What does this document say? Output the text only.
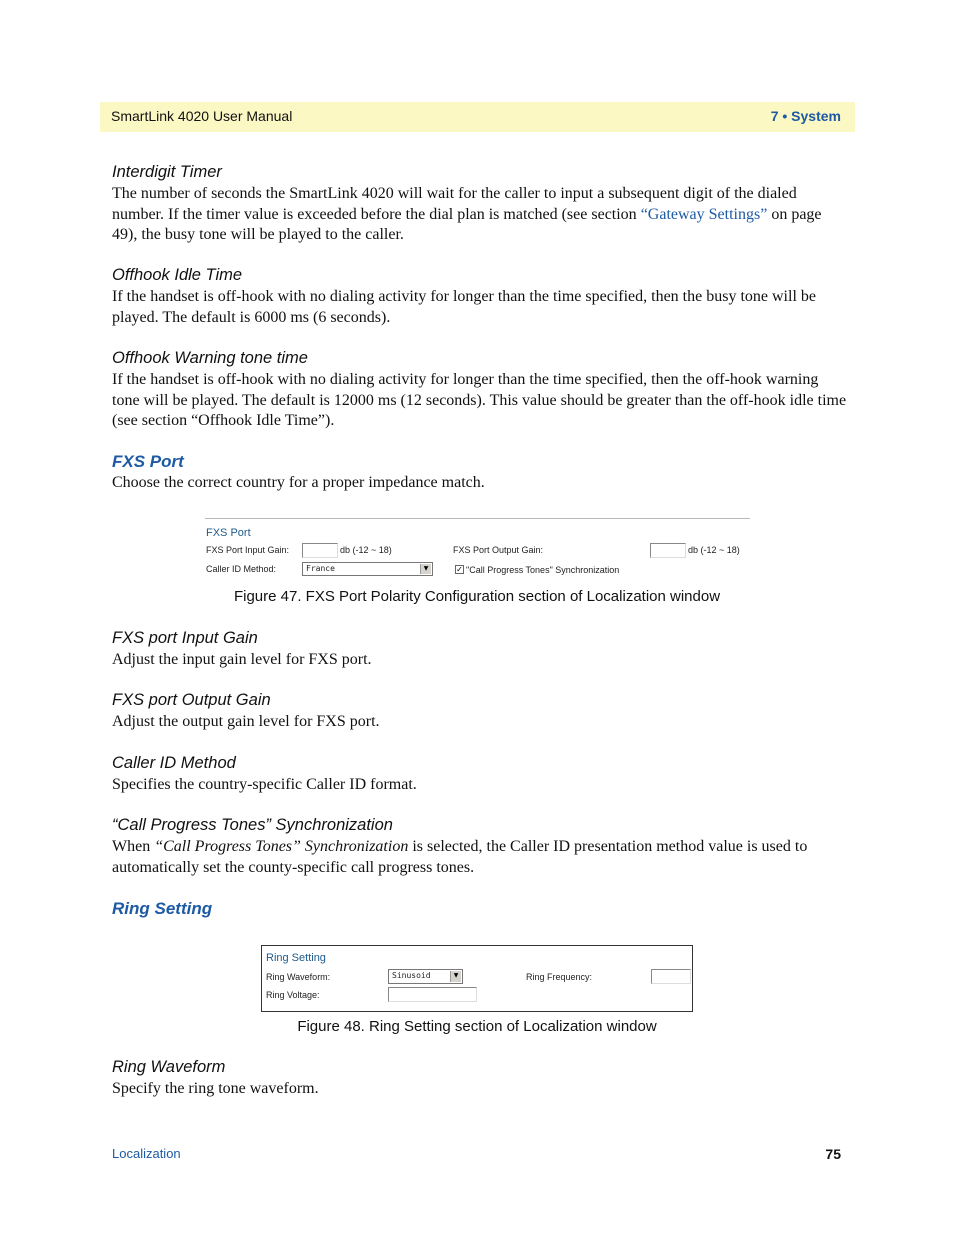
SmartLink 4020 User Manual	7 • System
Interdigit Timer
The number of seconds the SmartLink 4020 will wait for the caller to input a subsequent digit of the dialed number. If the timer value is exceeded before the dial plan is matched (see section “Gateway Settings” on page 49), the busy tone will be played to the caller.
Offhook Idle Time
If the handset is off-hook with no dialing activity for longer than the time specified, then the busy tone will be played. The default is 6000 ms (6 seconds).
Offhook Warning tone time
If the handset is off-hook with no dialing activity for longer than the time specified, then the off-hook warning tone will be played. The default is 12000 ms (12 seconds). This value should be greater than the off-hook idle time (see section “Offhook Idle Time”).
FXS Port
Choose the correct country for a proper impedance match.
FXS Port
FXS Port Input Gain:	db (-12 ~ 18)	FXS Port Output Gain:	db (-12 ~ 18)
Caller ID Method:	France	▼	✓ "Call Progress Tones" Synchronization
Figure 47. FXS Port Polarity Configuration section of Localization window
FXS port Input Gain
Adjust the input gain level for FXS port.
FXS port Output Gain
Adjust the output gain level for FXS port.
Caller ID Method
Specifies the country-specific Caller ID format.
“Call Progress Tones” Synchronization
When “Call Progress Tones” Synchronization is selected, the Caller ID presentation method value is used to automatically set the county-specific call progress tones.
Ring Setting
Ring Setting
Ring Waveform:	Sinusoid	▼	Ring Frequency:
Ring Voltage:
Figure 48. Ring Setting section of Localization window
Ring Waveform
Specify the ring tone waveform.
Localization	75
